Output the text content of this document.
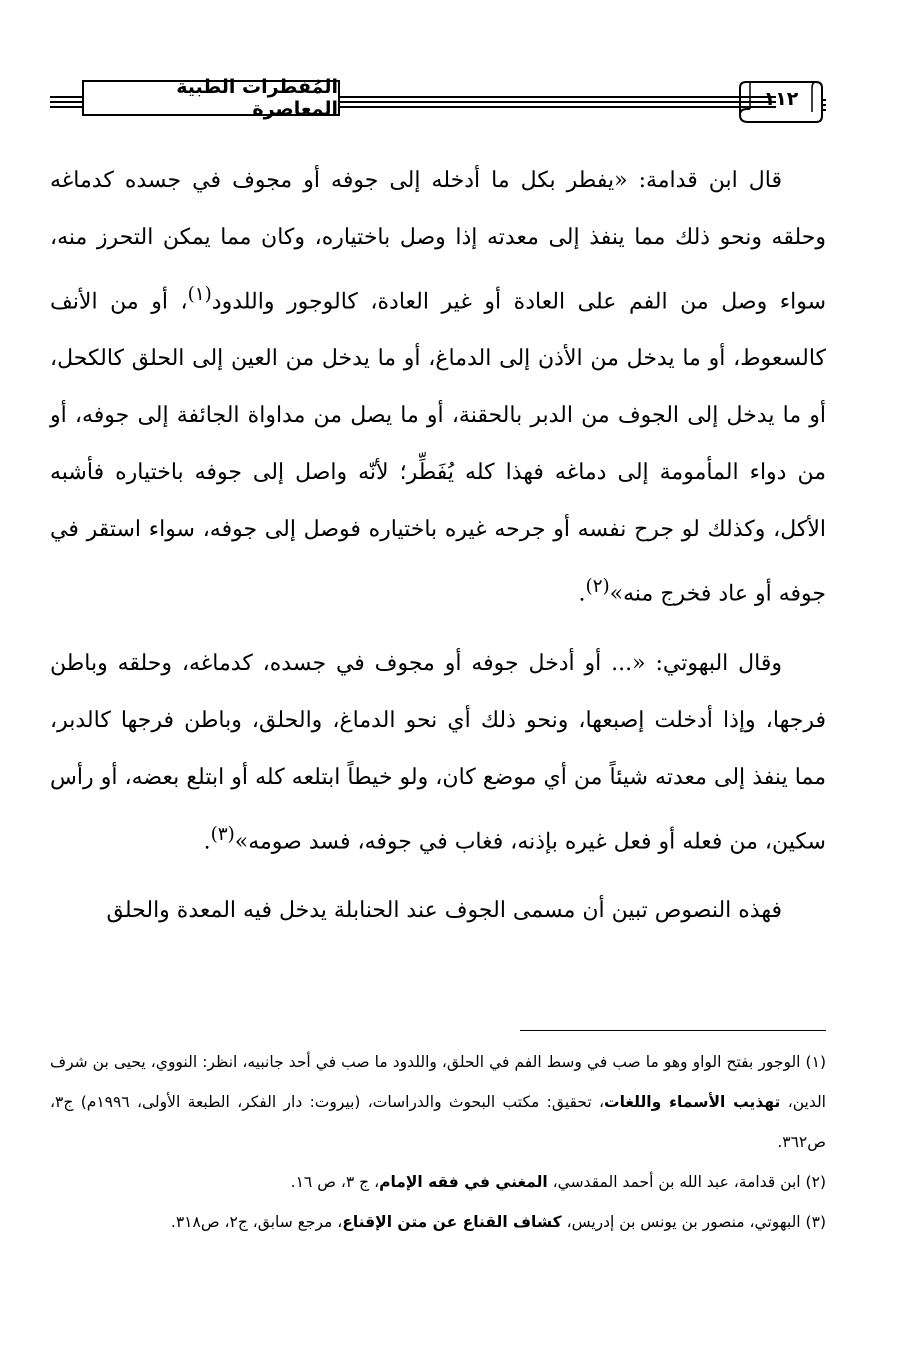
المُفطرات الطبية المعاصرة	١١٢

قال ابن قدامة: «يفطر بكل ما أدخله إلى جوفه أو مجوف في جسده كدماغه وحلقه ونحو ذلك مما ينفذ إلى معدته إذا وصل باختياره، وكان مما يمكن التحرز منه، سواء وصل من الفم على العادة أو غير العادة، كالوجور واللدود$^{(١)}$، أو من الأنف كالسعوط، أو ما يدخل من الأذن إلى الدماغ، أو ما يدخل من العين إلى الحلق كالكحل، أو ما يدخل إلى الجوف من الدبر بالحقنة، أو ما يصل من مداواة الجائفة إلى جوفه، أو من دواء المأمومة إلى دماغه فهذا كله يُفَطِّر؛ لأنّه واصل إلى جوفه باختياره فأشبه الأكل، وكذلك لو جرح نفسه أو جرحه غيره باختياره فوصل إلى جوفه، سواء استقر في جوفه أو عاد فخرج منه»$^{(٢)}$.

وقال البهوتي: «... أو أدخل جوفه أو مجوف في جسده، كدماغه، وحلقه وباطن فرجها، وإذا أدخلت إصبعها، ونحو ذلك أي نحو الدماغ، والحلق، وباطن فرجها كالدبر، مما ينفذ إلى معدته شيئاً من أي موضع كان، ولو خيطاً ابتلعه كله أو ابتلع بعضه، أو رأس سكين، من فعله أو فعل غيره بإذنه، فغاب في جوفه، فسد صومه»$^{(٣)}$.

فهذه النصوص تبين أن مسمى الجوف عند الحنابلة يدخل فيه المعدة والحلق

(١) الوجور بفتح الواو وهو ما صب في وسط الفم في الحلق، واللدود ما صب في أحد جانبيه، انظر: النووي، يحيى بن شرف الدين، تهذيب الأسماء واللغات، تحقيق: مكتب البحوث والدراسات، (بيروت: دار الفكر، الطبعة الأولى، ١٩٩٦م) ج٣، ص٣٦٢.

(٢) ابن قدامة، عبد الله بن أحمد المقدسي، المغني في فقه الإمام، ج ٣، ص ١٦.

(٣) البهوتي، منصور بن يونس بن إدريس، كشاف القناع عن متن الإقناع، مرجع سابق، ج٢، ص٣١٨.
